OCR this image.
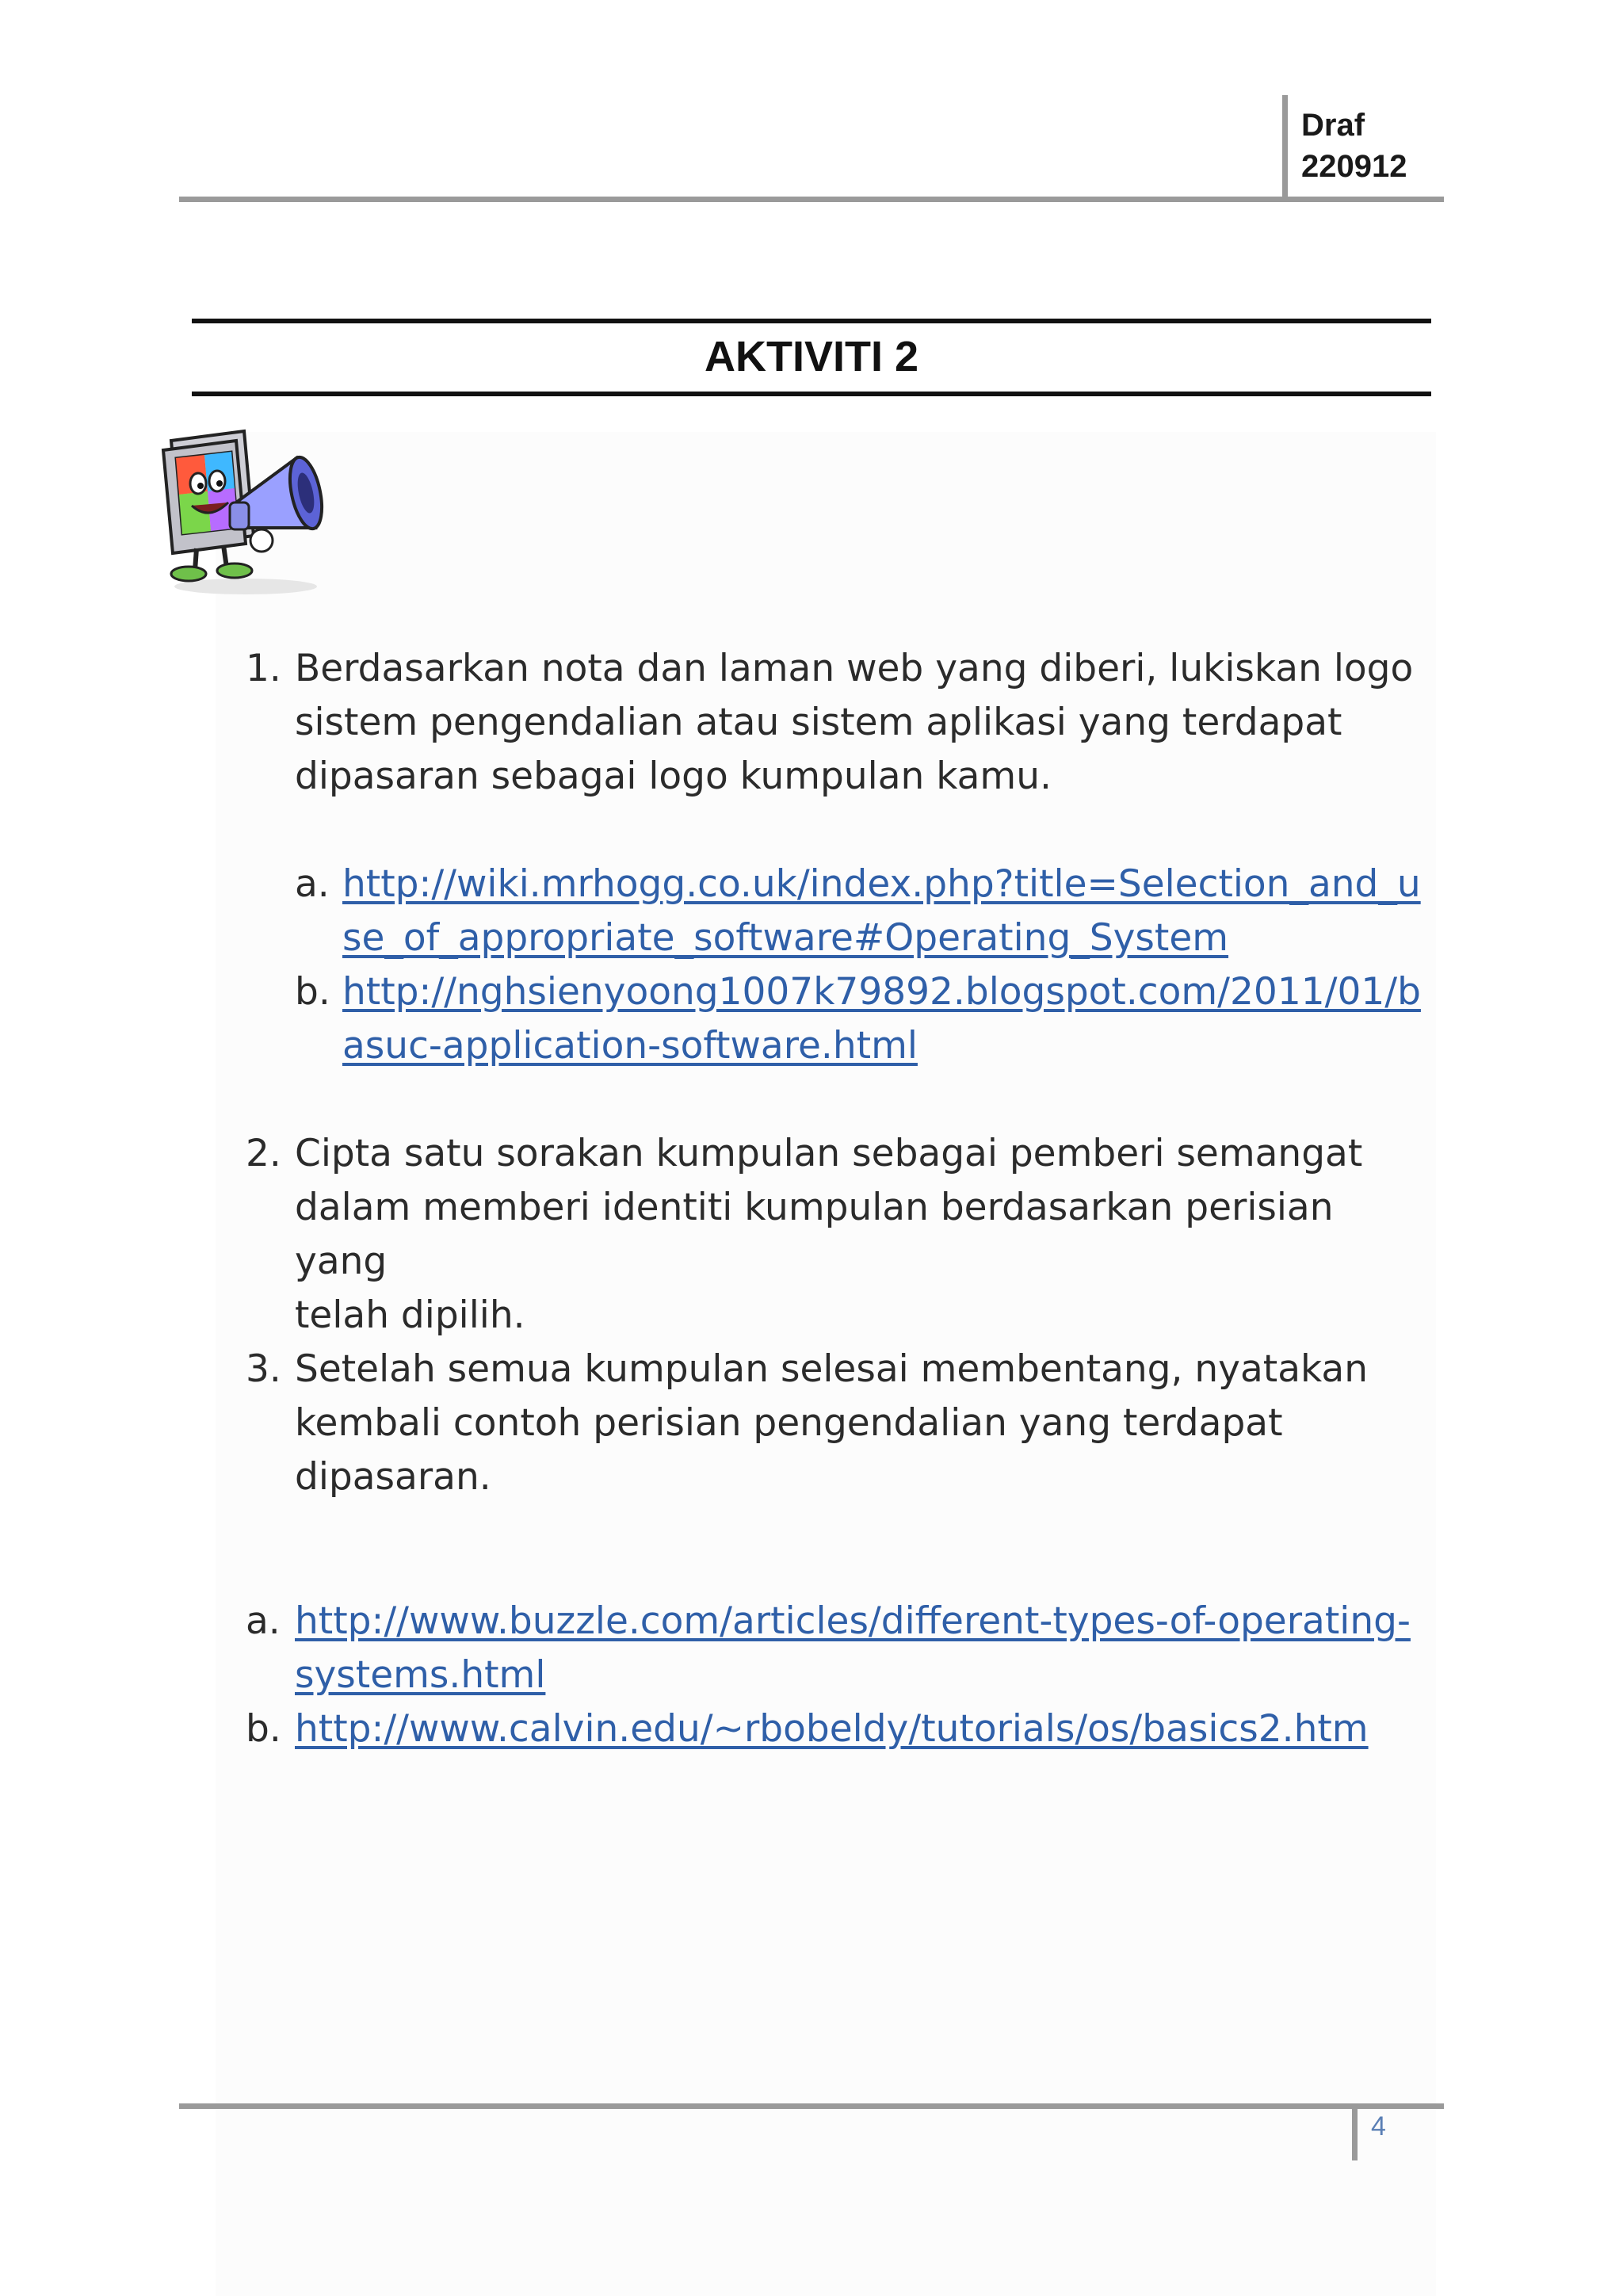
Draf
220912
AKTIVITI 2
1. Berdasarkan nota dan laman web yang diberi, lukiskan logo
sistem pengendalian atau sistem aplikasi yang terdapat
dipasaran sebagai logo kumpulan kamu.
a. http://wiki.mrhogg.co.uk/index.php?title=Selection_and_u
se_of_appropriate_software#Operating_System
b. http://nghsienyoong1007k79892.blogspot.com/2011/01/b
asuc-application-software.html
2. Cipta satu sorakan kumpulan sebagai pemberi semangat
dalam memberi identiti kumpulan berdasarkan perisian yang
telah dipilih.
3. Setelah semua kumpulan selesai membentang, nyatakan
kembali contoh perisian pengendalian yang terdapat
dipasaran.
a. http://www.buzzle.com/articles/different-types-of-operating-
systems.html
b. http://www.calvin.edu/~rbobeldy/tutorials/os/basics2.htm
4
